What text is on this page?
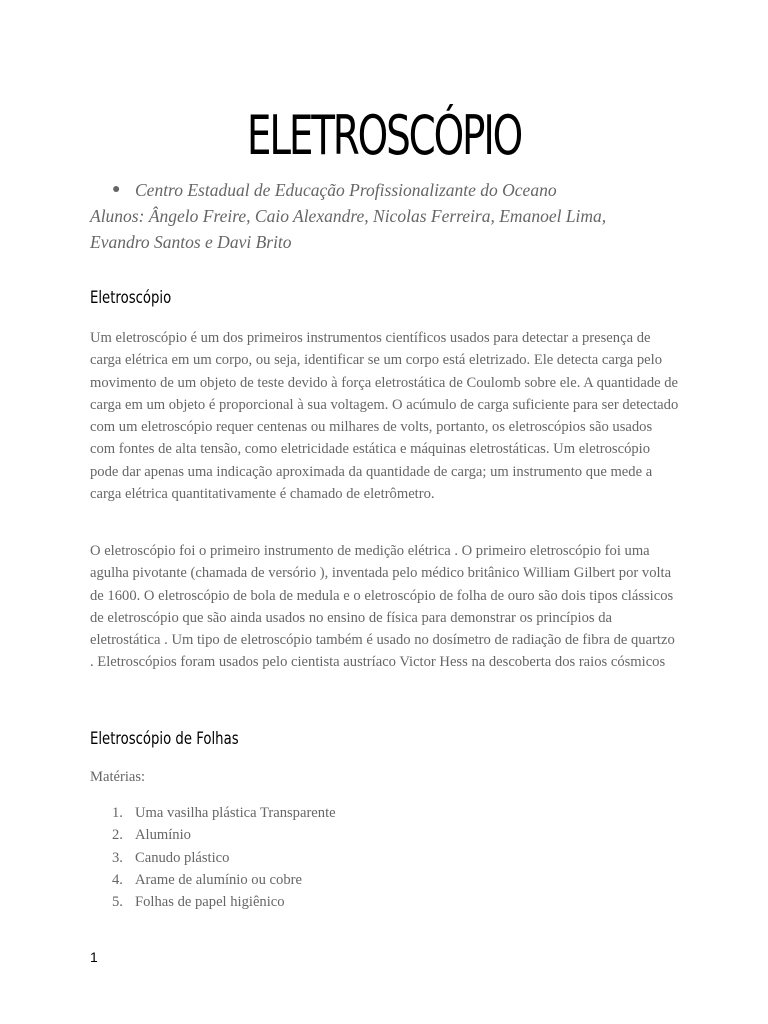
ELETROSCÓPIO
● Centro Estadual de Educação Profissionalizante do Oceano
Alunos: Ângelo Freire, Caio Alexandre, Nicolas Ferreira, Emanoel Lima,
Evandro Santos e Davi Brito
Eletroscópio

Um eletroscópio é um dos primeiros instrumentos científicos usados para detectar a presença de carga elétrica em um corpo, ou seja, identificar se um corpo está eletrizado. Ele detecta carga pelo movimento de um objeto de teste devido à força eletrostática de Coulomb sobre ele. A quantidade de carga em um objeto é proporcional à sua voltagem. O acúmulo de carga suficiente para ser detectado com um eletroscópio requer centenas ou milhares de volts, portanto, os eletroscópios são usados com fontes de alta tensão, como eletricidade estática e máquinas eletrostáticas. Um eletroscópio pode dar apenas uma indicação aproximada da quantidade de carga; um instrumento que mede a carga elétrica quantitativamente é chamado de eletrômetro.

O eletroscópio foi o primeiro instrumento de medição elétrica . O primeiro eletroscópio foi uma agulha pivotante (chamada de versório ), inventada pelo médico britânico William Gilbert por volta de 1600. O eletroscópio de bola de medula e o eletroscópio de folha de ouro são dois tipos clássicos de eletroscópio que são ainda usados no ensino de física para demonstrar os princípios da eletrostática . Um tipo de eletroscópio também é usado no dosímetro de radiação de fibra de quartzo . Eletroscópios foram usados pelo cientista austríaco Victor Hess na descoberta dos raios cósmicos

Eletroscópio de Folhas

Matérias:

1. Uma vasilha plástica Transparente
2. Alumínio
3. Canudo plástico
4. Arame de alumínio ou cobre
5. Folhas de papel higiênico
1
